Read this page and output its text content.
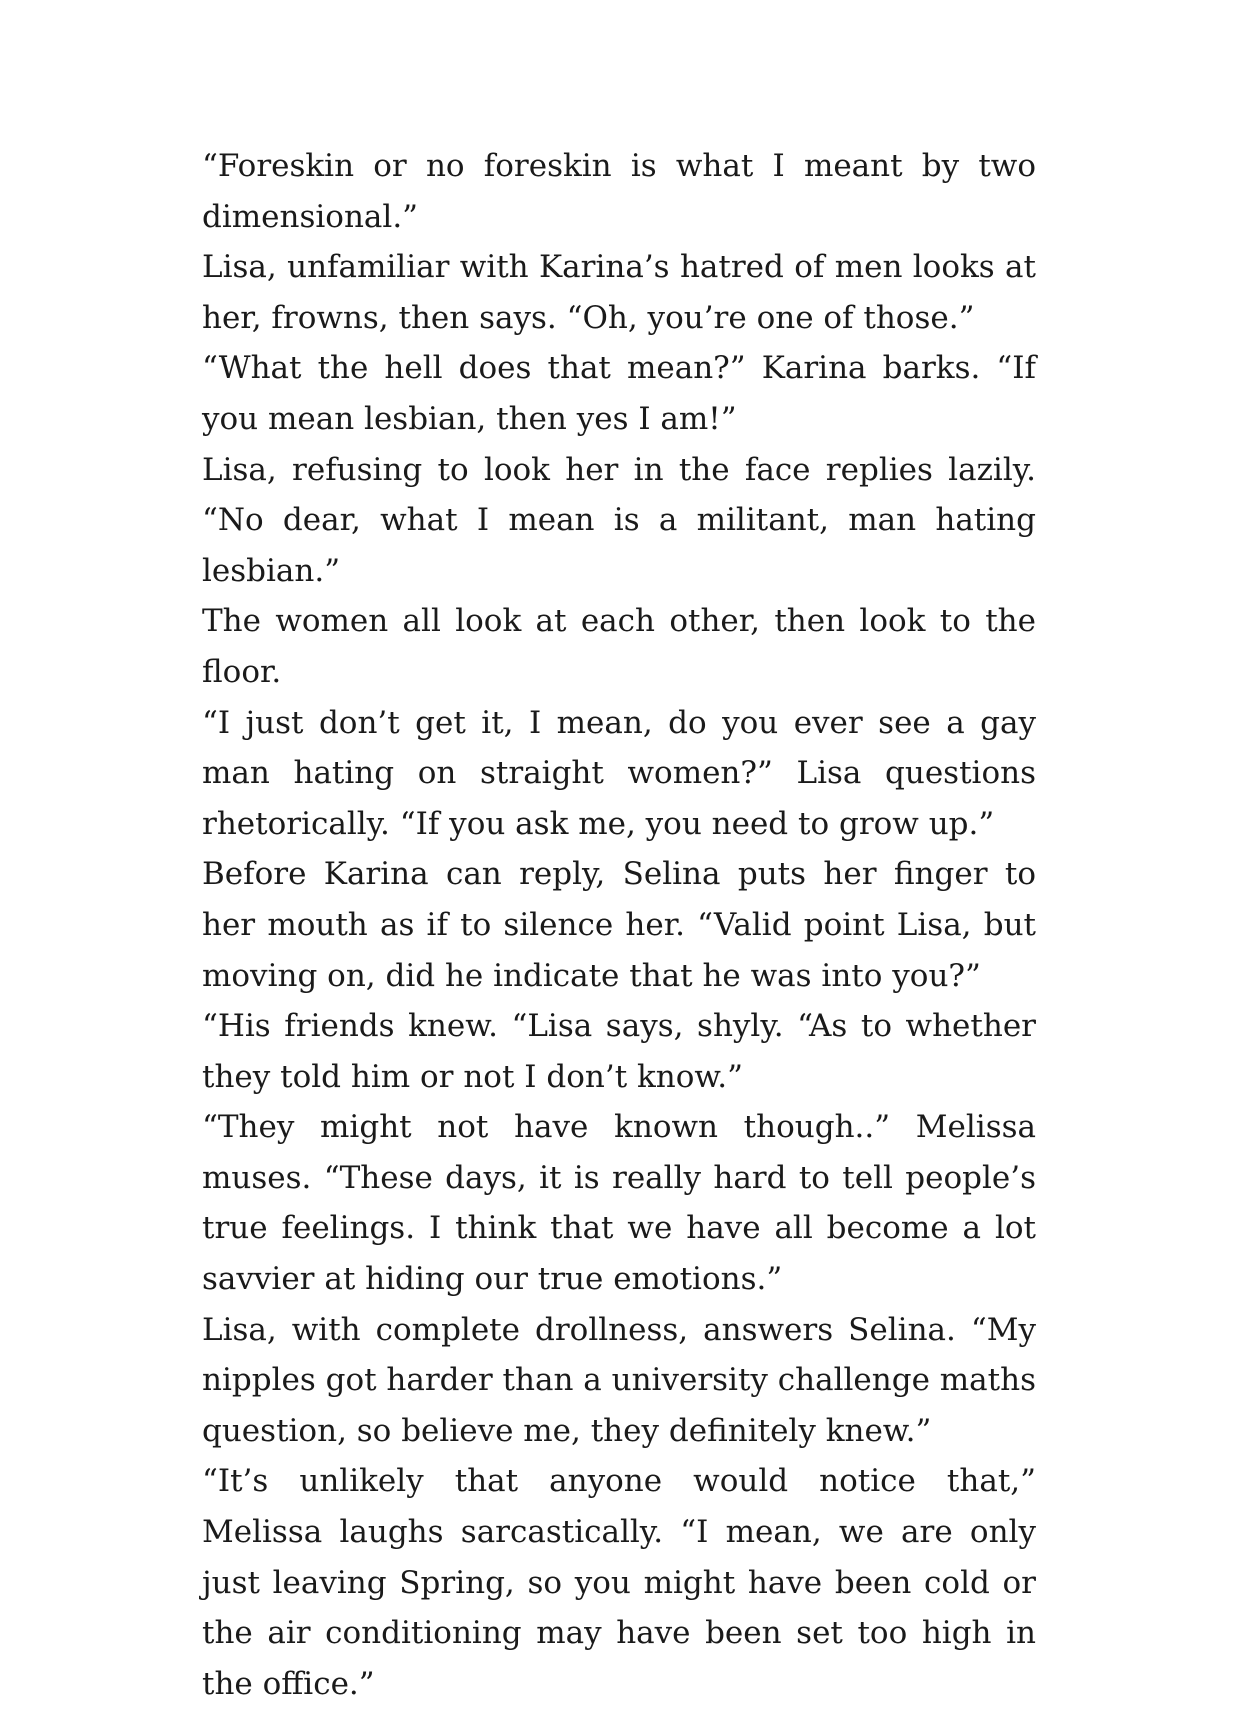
“Foreskin or no foreskin is what I meant by two dimensional.”

Lisa, unfamiliar with Karina’s hatred of men looks at her, frowns, then says. “Oh, you’re one of those.”

“What the hell does that mean?” Karina barks. “If you mean lesbian, then yes I am!”

Lisa, refusing to look her in the face replies lazily. “No dear, what I mean is a militant, man hating lesbian.”

The women all look at each other, then look to the floor.

“I just don’t get it, I mean, do you ever see a gay man hating on straight women?” Lisa questions rhetorically. “If you ask me, you need to grow up.”

Before Karina can reply, Selina puts her finger to her mouth as if to silence her. “Valid point Lisa, but moving on, did he indicate that he was into you?”

“His friends knew. “Lisa says, shyly. “As to whether they told him or not I don’t know.”

“They might not have known though..” Melissa muses. “These days, it is really hard to tell people’s true feelings. I think that we have all become a lot savvier at hiding our true emotions.”

Lisa, with complete drollness, answers Selina. “My nipples got harder than a university challenge maths question, so believe me, they definitely knew.”

“It’s unlikely that anyone would notice that,” Melissa laughs sarcastically. “I mean, we are only just leaving Spring, so you might have been cold or the air conditioning may have been set too high in the office.”
